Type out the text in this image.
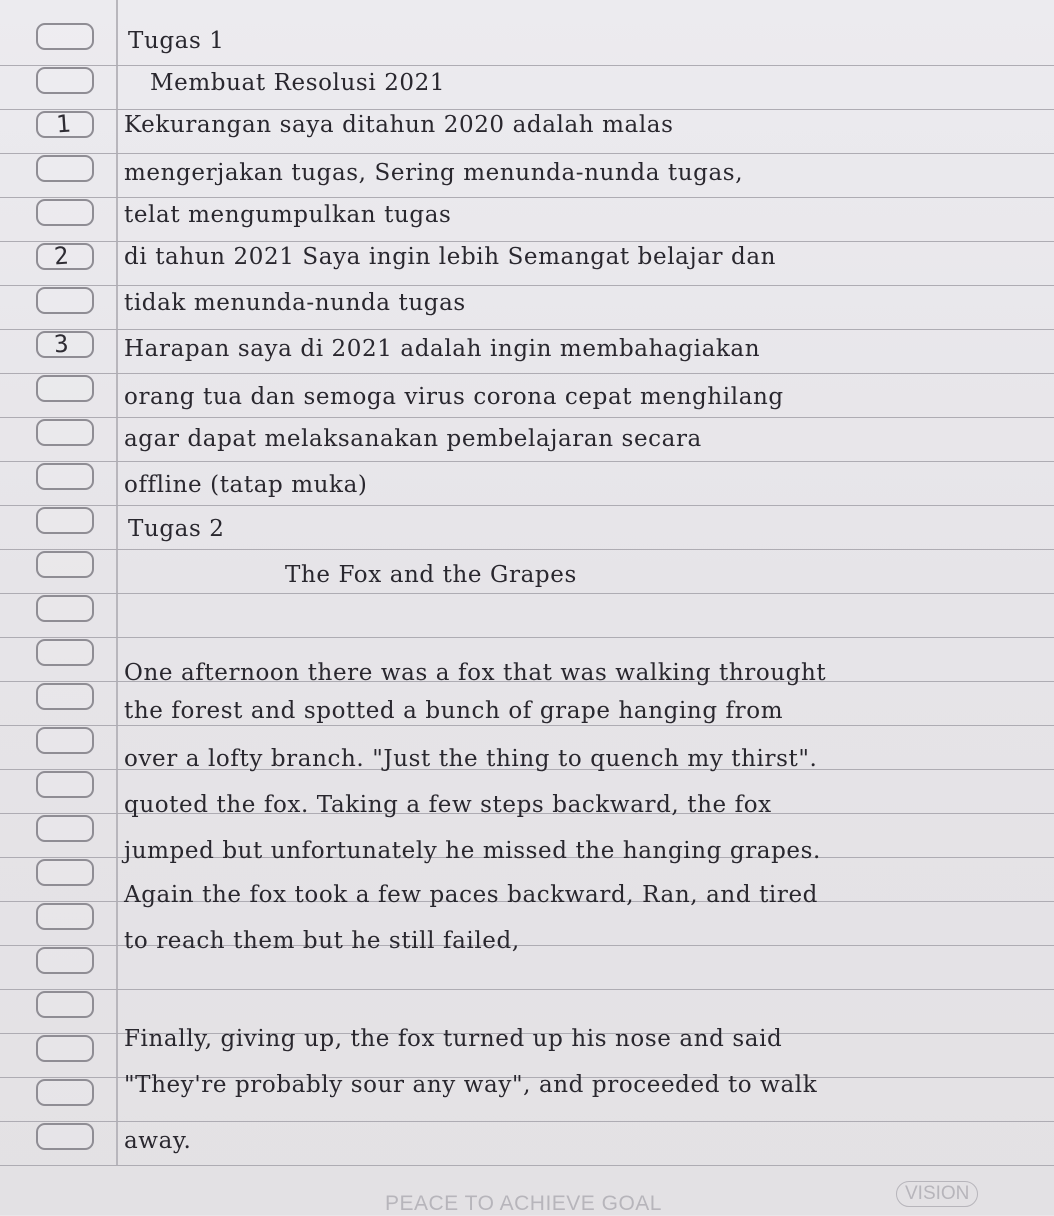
1
2
3
Tugas 1
Membuat Resolusi 2021
Kekurangan saya ditahun 2020 adalah malas
mengerjakan tugas, Sering menunda-nunda tugas,
telat mengumpulkan tugas
di tahun 2021 Saya ingin lebih Semangat belajar dan
tidak menunda-nunda tugas
Harapan saya di 2021 adalah ingin membahagiakan
orang tua dan semoga virus corona cepat menghilang
agar dapat melaksanakan pembelajaran secara
offline (tatap muka)
Tugas 2
The Fox and the Grapes
One afternoon there was a fox that was walking throught
the forest and spotted a bunch of grape hanging from
over a lofty branch. "Just the thing to quench my thirst".
quoted the fox. Taking a few steps backward, the fox
jumped but unfortunately he missed the hanging grapes.
Again the fox took a few paces backward, Ran, and tired
to reach them but he still failed,
Finally, giving up, the fox turned up his nose and said
"They're probably sour any way", and proceeded to walk
away.
PEACE TO ACHIEVE GOAL	VISION
